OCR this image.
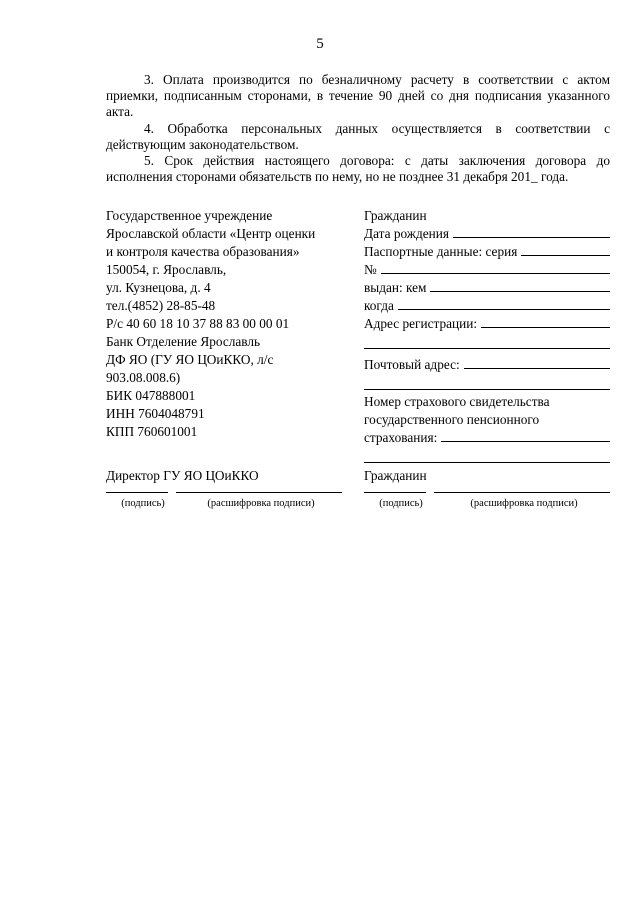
5

3. Оплата производится по безналичному расчету в соответствии с актом приемки, подписанным сторонами, в течение 90 дней со дня подписания указанного акта.

4. Обработка персональных данных осуществляется в соответствии с действующим законодательством.

5. Срок действия настоящего договора: с даты заключения договора до исполнения сторонами обязательств по нему, но не позднее 31 декабря 201_ года.

Государственное учреждение
Ярославской области «Центр оценки
и контроля качества образования»
150054, г. Ярославль,
ул. Кузнецова, д. 4
тел.(4852) 28-85-48
Р/с 40 60 18 10 37 88 83 00 00 01
Банк Отделение Ярославль
ДФ ЯО (ГУ ЯО ЦОиККО, л/с
903.08.008.6)
БИК 047888001
ИНН 7604048791
КПП 760601001
Гражданин
Дата рождения
Паспортные данные: серия
№
выдан: кем
когда
Адрес регистрации:
Почтовый адрес:
Номер страхового свидетельства
государственного пенсионного
страхования:
Директор ГУ ЯО ЦОиККО
(подпись)	(расшифровка подписи)
Гражданин
(подпись)	(расшифровка подписи)
